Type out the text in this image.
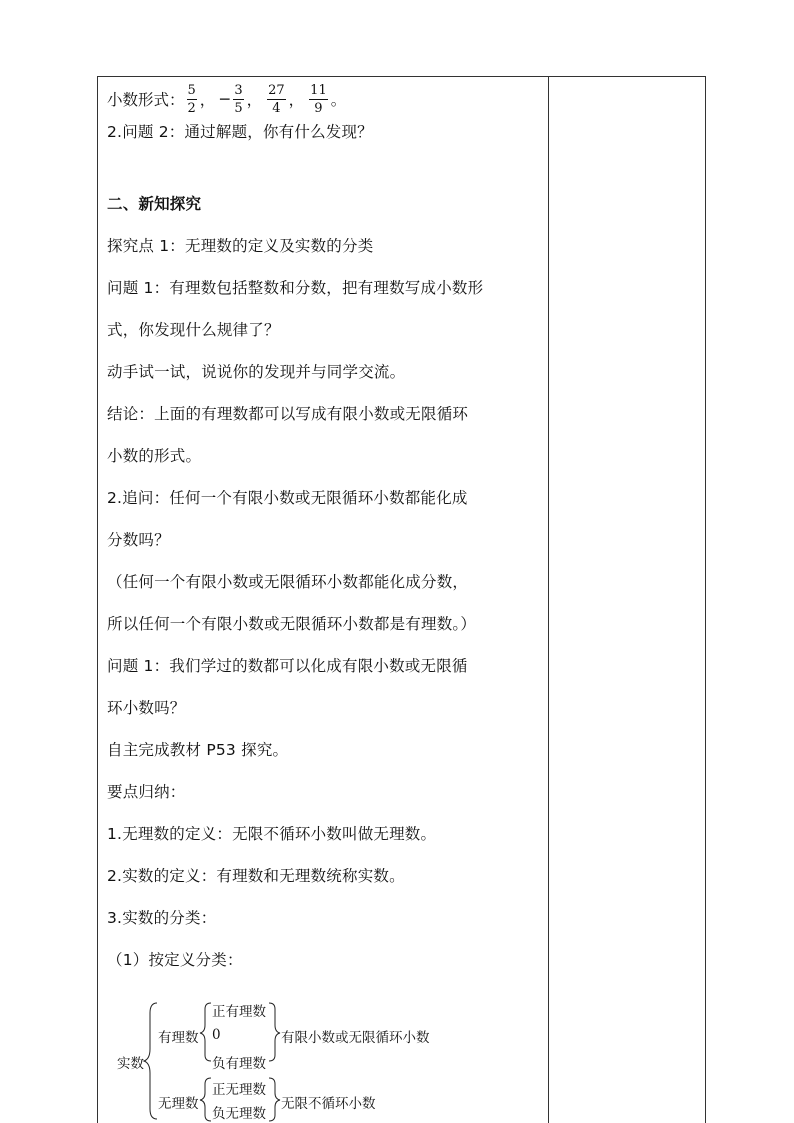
小数形式： $\frac{5}{2}$ ， − $\frac{3}{5}$ ， $\frac{27}{4}$ ， $\frac{11}{9}$ 。
2.问题 2：通过解题，你有什么发现？
二、新知探究
探究点 1：无理数的定义及实数的分类
问题 1：有理数包括整数和分数，把有理数写成小数形
式，你发现什么规律了？
动手试一试，说说你的发现并与同学交流。
结论：上面的有理数都可以写成有限小数或无限循环
小数的形式。
2.追问：任何一个有限小数或无限循环小数都能化成
分数吗？
（任何一个有限小数或无限循环小数都能化成分数，
所以任何一个有限小数或无限循环小数都是有理数。）
问题 1：我们学过的数都可以化成有限小数或无限循
环小数吗？
自主完成教材 P53 探究。
要点归纳：
1.无理数的定义：无限不循环小数叫做无理数。
2.实数的定义：有理数和无理数统称实数。
3.实数的分类：
（1）按定义分类：
实数
有理数
正有理数
0
负有理数
有限小数或无限循环小数
无理数
正无理数
负无理数
无限不循环小数
